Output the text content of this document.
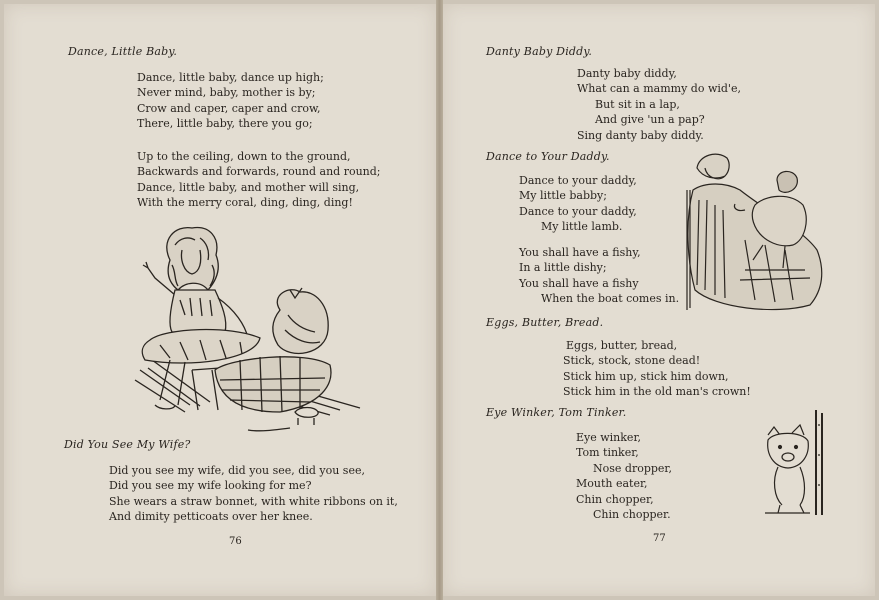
Dance, Little Baby.
Dance, little baby, dance up high;
Never mind, baby, mother is by;
Crow and caper, caper and crow,
There, little baby, there you go;
Up to the ceiling, down to the ground,
Backwards and forwards, round and round;
Dance, little baby, and mother will sing,
With the merry coral, ding, ding, ding!
Did You See My Wife?
Did you see my wife, did you see, did you see,
Did you see my wife looking for me?
She wears a straw bonnet, with white ribbons on it,
And dimity petticoats over her knee.
76
Danty Baby Diddy.
Danty baby diddy,
What can a mammy do wid'e,
But sit in a lap,
And give 'un a pap?
Sing danty baby diddy.
Dance to Your Daddy.
Dance to your daddy,
My little babby;
Dance to your daddy,
My little lamb.
You shall have a fishy,
In a little dishy;
You shall have a fishy
When the boat comes in.
Eggs, Butter, Bread.
Eggs, butter, bread,
Stick, stock, stone dead!
Stick him up, stick him down,
Stick him in the old man's crown!
Eye Winker, Tom Tinker.
Eye winker,
Tom tinker,
Nose dropper,
Mouth eater,
Chin chopper,
Chin chopper.
77
